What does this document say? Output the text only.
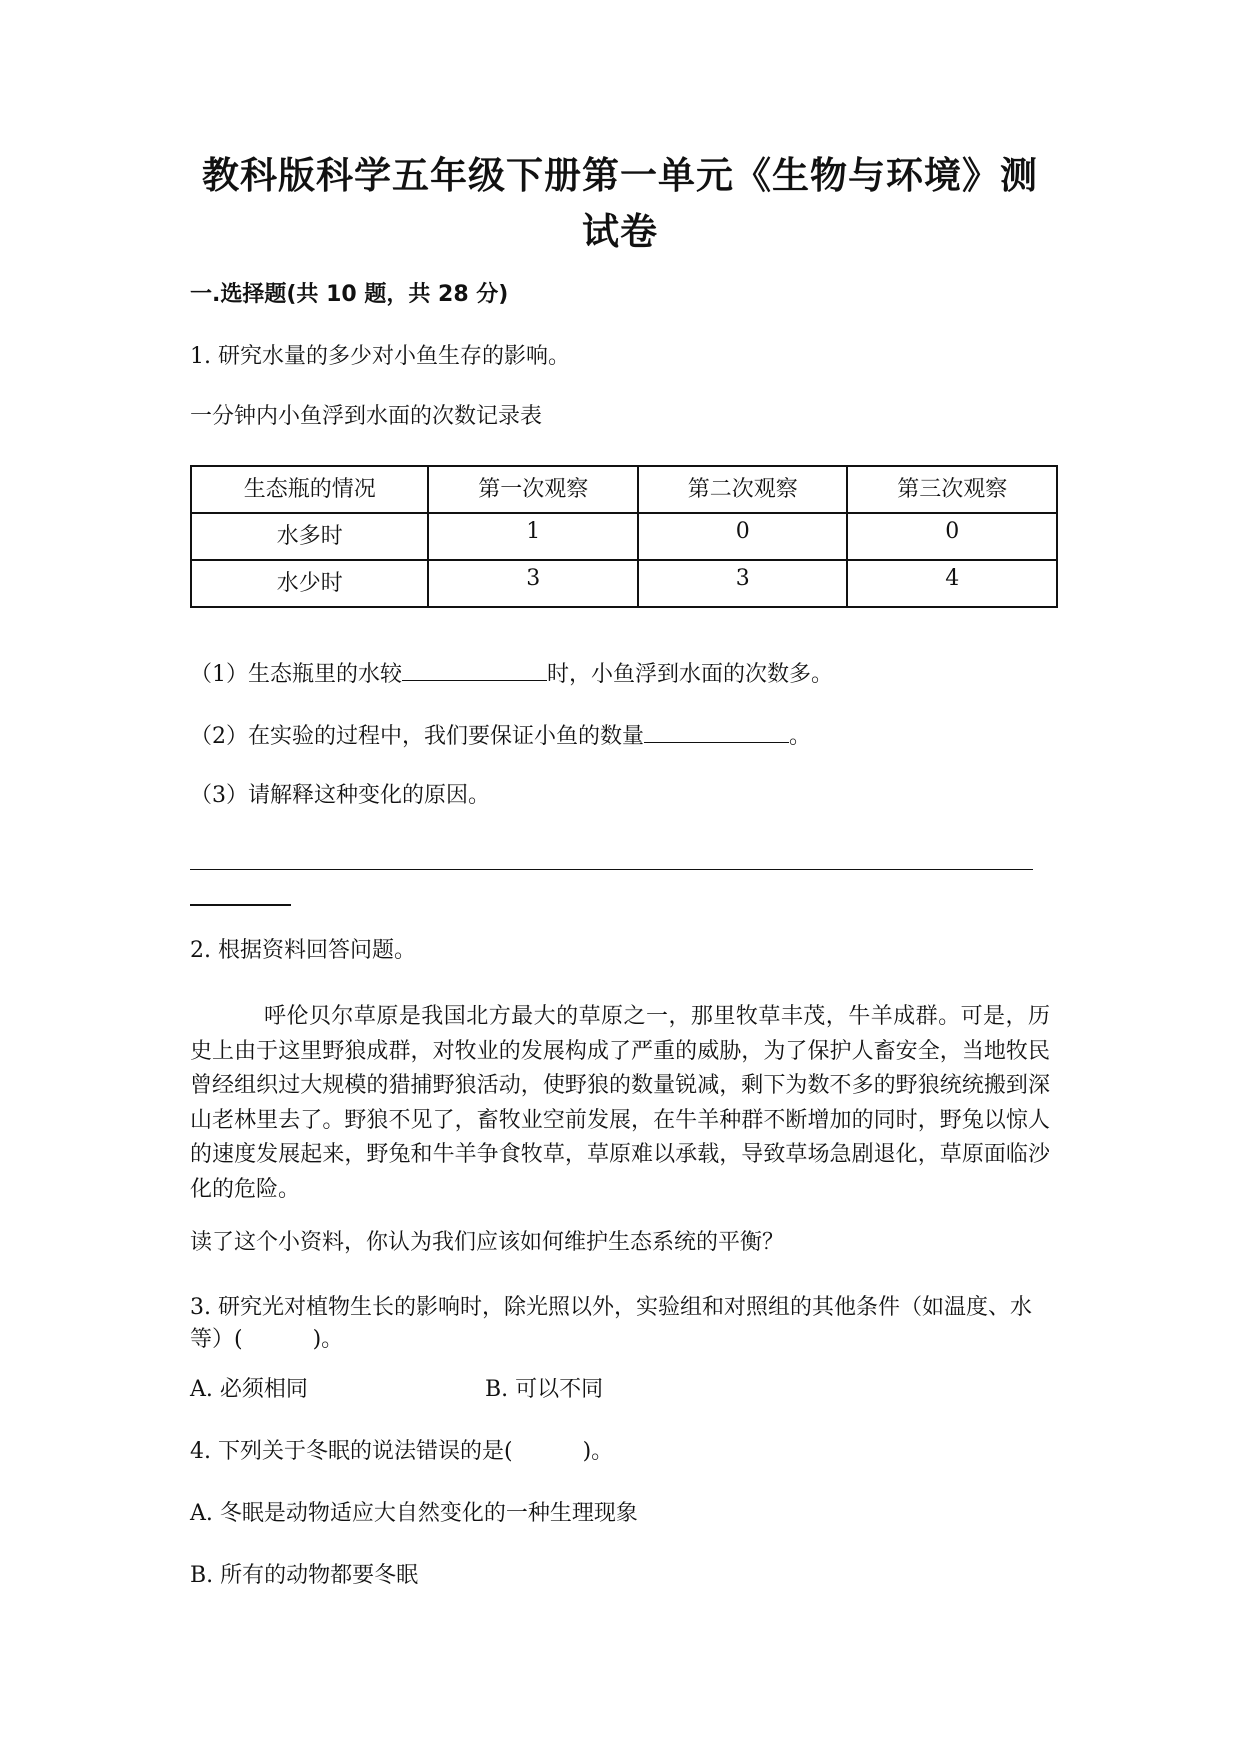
教科版科学五年级下册第一单元《生物与环境》测
试卷
一.选择题(共 10 题，共 28 分)
1. 研究水量的多少对小鱼生存的影响。
一分钟内小鱼浮到水面的次数记录表
生态瓶的情况	第一次观察	第二次观察	第三次观察
水多时	1	0	0
水少时	3	3	4
（1）生态瓶里的水较	时，小鱼浮到水面的次数多。
（2）在实验的过程中，我们要保证小鱼的数量	。
（3）请解释这种变化的原因。
2. 根据资料回答问题。
呼伦贝尔草原是我国北方最大的草原之一，那里牧草丰茂，牛羊成群。可是，历史上由于这里野狼成群，对牧业的发展构成了严重的威胁，为了保护人畜安全，当地牧民曾经组织过大规模的猎捕野狼活动，使野狼的数量锐减，剩下为数不多的野狼统统搬到深山老林里去了。野狼不见了，畜牧业空前发展，在牛羊种群不断增加的同时，野兔以惊人的速度发展起来，野兔和牛羊争食牧草，草原难以承载，导致草场急剧退化，草原面临沙化的危险。
读了这个小资料，你认为我们应该如何维护生态系统的平衡？
3. 研究光对植物生长的影响时，除光照以外，实验组和对照组的其他条件（如温度、水等）(	)。
A. 必须相同	B. 可以不同
4. 下列关于冬眠的说法错误的是(	)。
A. 冬眠是动物适应大自然变化的一种生理现象
B. 所有的动物都要冬眠
